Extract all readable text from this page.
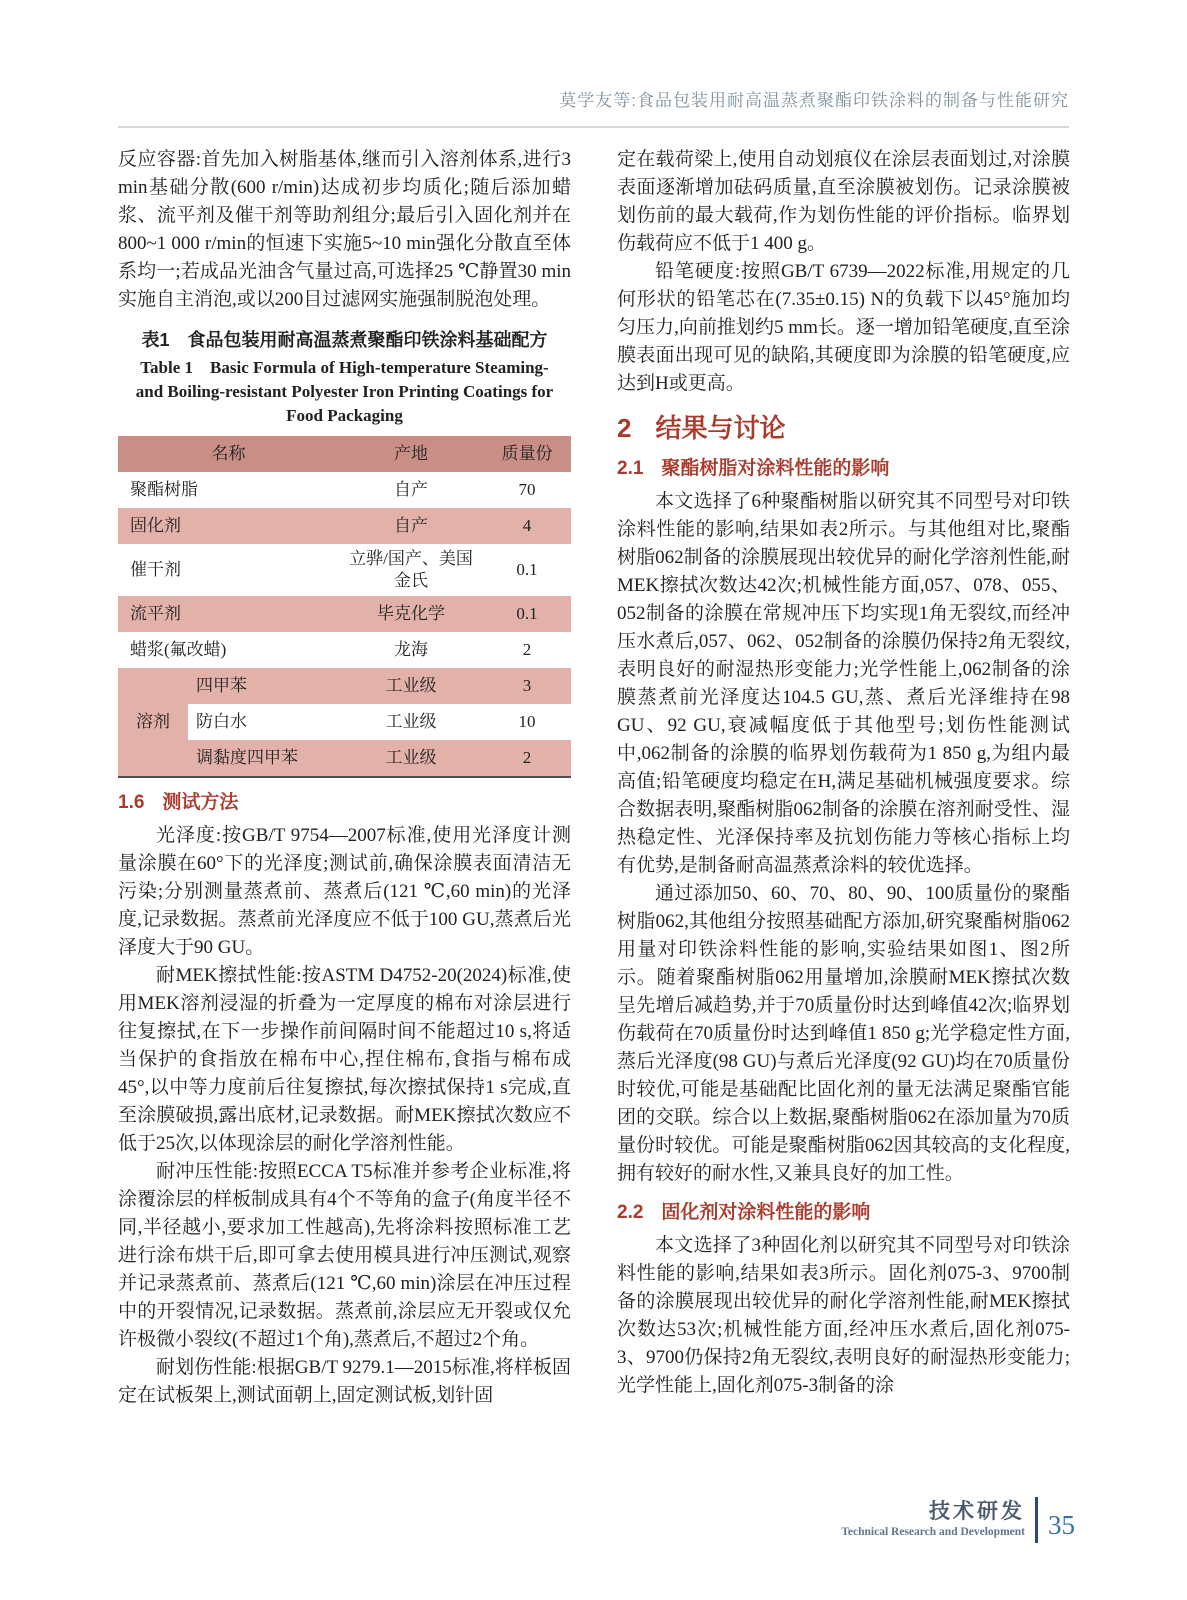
莫学友等:食品包装用耐高温蒸煮聚酯印铁涂料的制备与性能研究

反应容器:首先加入树脂基体,继而引入溶剂体系,进行3 min基础分散(600 r/min)达成初步均质化;随后添加蜡浆、流平剂及催干剂等助剂组分;最后引入固化剂并在800~1 000 r/min的恒速下实施5~10 min强化分散直至体系均一;若成品光油含气量过高,可选择25 ℃静置30 min实施自主消泡,或以200目过滤网实施强制脱泡处理。

表1　食品包装用耐高温蒸煮聚酯印铁涂料基础配方
Table 1　Basic Formula of High-temperature Steaming- and Boiling-resistant Polyester Iron Printing Coatings for Food Packaging
名称		产地	质量份
聚酯树脂		自产	70
固化剂		自产	4
催干剂		立骅/国产、美国金氏	0.1
流平剂		毕克化学	0.1
蜡浆(氟改蜡)		龙海	2
溶剂	四甲苯	工业级	3
	防白水	工业级	10
	调黏度四甲苯	工业级	2
1.6 测试方法

光泽度:按GB/T 9754—2007标准,使用光泽度计测量涂膜在60°下的光泽度;测试前,确保涂膜表面清洁无污染;分别测量蒸煮前、蒸煮后(121 ℃,60 min)的光泽度,记录数据。蒸煮前光泽度应不低于100 GU,蒸煮后光泽度大于90 GU。

耐MEK擦拭性能:按ASTM D4752-20(2024)标准,使用MEK溶剂浸湿的折叠为一定厚度的棉布对涂层进行往复擦拭,在下一步操作前间隔时间不能超过10 s,将适当保护的食指放在棉布中心,捏住棉布,食指与棉布成45°,以中等力度前后往复擦拭,每次擦拭保持1 s完成,直至涂膜破损,露出底材,记录数据。耐MEK擦拭次数应不低于25次,以体现涂层的耐化学溶剂性能。

耐冲压性能:按照ECCA T5标准并参考企业标准,将涂覆涂层的样板制成具有4个不等角的盒子(角度半径不同,半径越小,要求加工性越高),先将涂料按照标准工艺进行涂布烘干后,即可拿去使用模具进行冲压测试,观察并记录蒸煮前、蒸煮后(121 ℃,60 min)涂层在冲压过程中的开裂情况,记录数据。蒸煮前,涂层应无开裂或仅允许极微小裂纹(不超过1个角),蒸煮后,不超过2个角。

耐划伤性能:根据GB/T 9279.1—2015标准,将样板固定在试板架上,测试面朝上,固定测试板,划针固

定在载荷梁上,使用自动划痕仪在涂层表面划过,对涂膜表面逐渐增加砝码质量,直至涂膜被划伤。记录涂膜被划伤前的最大载荷,作为划伤性能的评价指标。临界划伤载荷应不低于1 400 g。

铅笔硬度:按照GB/T 6739—2022标准,用规定的几何形状的铅笔芯在(7.35±0.15) N的负载下以45°施加均匀压力,向前推划约5 mm长。逐一增加铅笔硬度,直至涂膜表面出现可见的缺陷,其硬度即为涂膜的铅笔硬度,应达到H或更高。

2 结果与讨论
2.1 聚酯树脂对涂料性能的影响

本文选择了6种聚酯树脂以研究其不同型号对印铁涂料性能的影响,结果如表2所示。与其他组对比,聚酯树脂062制备的涂膜展现出较优异的耐化学溶剂性能,耐MEK擦拭次数达42次;机械性能方面,057、078、055、052制备的涂膜在常规冲压下均实现1角无裂纹,而经冲压水煮后,057、062、052制备的涂膜仍保持2角无裂纹,表明良好的耐湿热形变能力;光学性能上,062制备的涂膜蒸煮前光泽度达104.5 GU,蒸、煮后光泽维持在98 GU、92 GU,衰减幅度低于其他型号;划伤性能测试中,062制备的涂膜的临界划伤载荷为1 850 g,为组内最高值;铅笔硬度均稳定在H,满足基础机械强度要求。综合数据表明,聚酯树脂062制备的涂膜在溶剂耐受性、湿热稳定性、光泽保持率及抗划伤能力等核心指标上均有优势,是制备耐高温蒸煮涂料的较优选择。

通过添加50、60、70、80、90、100质量份的聚酯树脂062,其他组分按照基础配方添加,研究聚酯树脂062用量对印铁涂料性能的影响,实验结果如图1、图2所示。随着聚酯树脂062用量增加,涂膜耐MEK擦拭次数呈先增后减趋势,并于70质量份时达到峰值42次;临界划伤载荷在70质量份时达到峰值1 850 g;光学稳定性方面,蒸后光泽度(98 GU)与煮后光泽度(92 GU)均在70质量份时较优,可能是基础配比固化剂的量无法满足聚酯官能团的交联。综合以上数据,聚酯树脂062在添加量为70质量份时较优。可能是聚酯树脂062因其较高的支化程度,拥有较好的耐水性,又兼具良好的加工性。

2.2 固化剂对涂料性能的影响

本文选择了3种固化剂以研究其不同型号对印铁涂料性能的影响,结果如表3所示。固化剂075-3、9700制备的涂膜展现出较优异的耐化学溶剂性能,耐MEK擦拭次数达53次;机械性能方面,经冲压水煮后,固化剂075-3、9700仍保持2角无裂纹,表明良好的耐湿热形变能力;光学性能上,固化剂075-3制备的涂

技术研发
Technical Research and Development 35
